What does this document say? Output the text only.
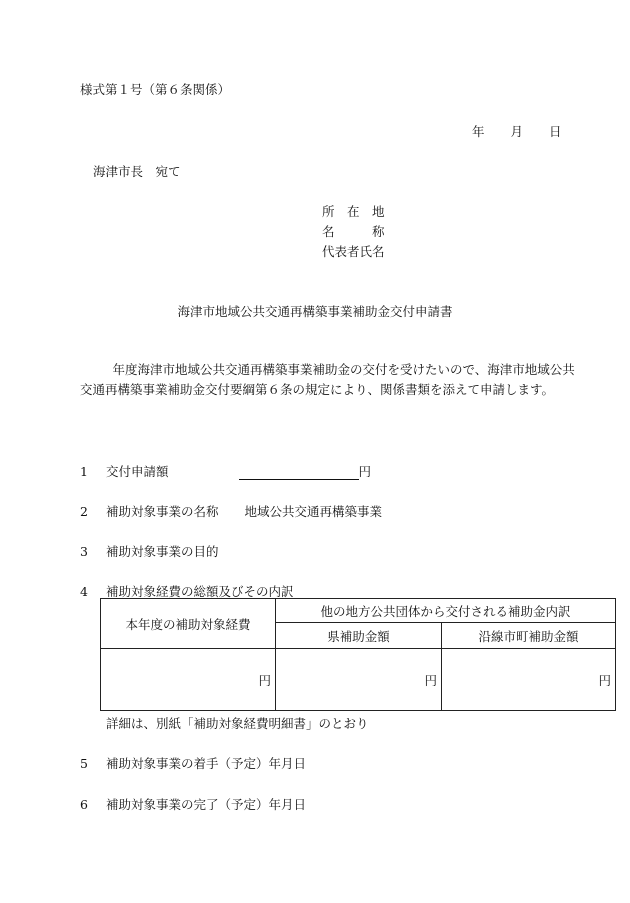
様式第１号（第６条関係）
年 月 日
海津市長　宛て
所　在　地
名　　　称
代表者氏名
海津市地域公共交通再構築事業補助金交付申請書
年度海津市地域公共交通再構築事業補助金の交付を受けたいので、海津市地域公共交通再構築事業補助金交付要綱第６条の規定により、関係書類を添えて申請します。
1 交付申請額	円
2 補助対象事業の名称 地域公共交通再構築事業
3 補助対象事業の目的
4 補助対象経費の総額及びその内訳
本年度の補助対象経費	他の地方公共団体から交付される補助金内訳	
	県補助金額	沿線市町補助金額
円	円	円
詳細は、別紙「補助対象経費明細書」のとおり
5 補助対象事業の着手（予定）年月日
6 補助対象事業の完了（予定）年月日
